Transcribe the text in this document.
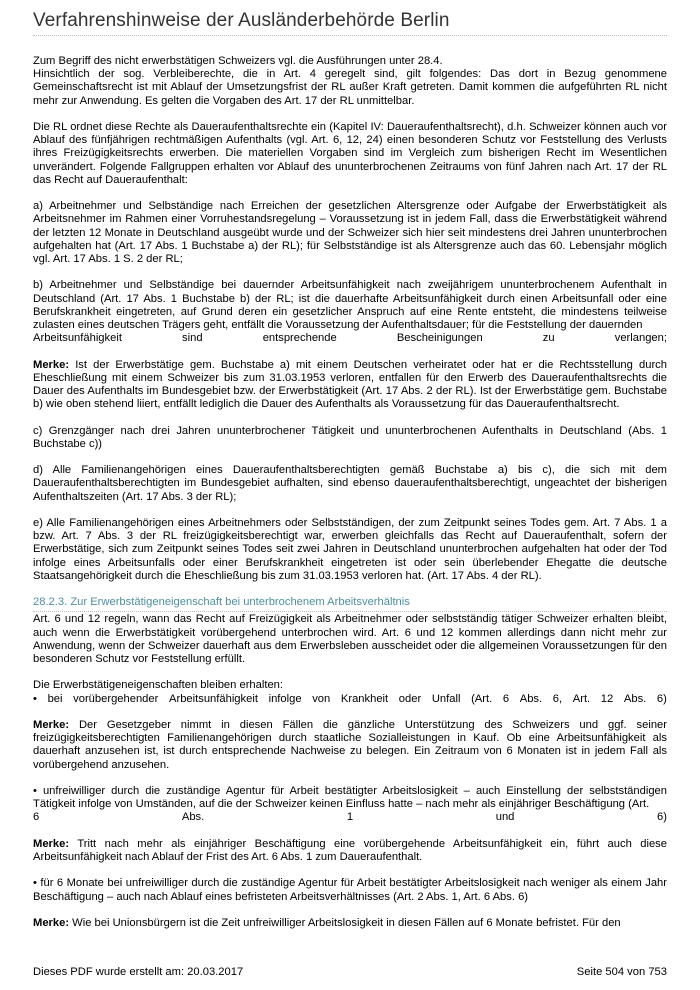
Verfahrenshinweise der Ausländerbehörde Berlin

Zum Begriff des nicht erwerbstätigen Schweizers vgl. die Ausführungen unter 28.4.
Hinsichtlich der sog. Verbleiberechte, die in Art. 4 geregelt sind, gilt folgendes: Das dort in Bezug genommene Gemeinschaftsrecht ist mit Ablauf der Umsetzungsfrist der RL außer Kraft getreten. Damit kommen die aufgeführten RL nicht mehr zur Anwendung. Es gelten die Vorgaben des Art. 17 der RL unmittelbar.

Die RL ordnet diese Rechte als Daueraufenthaltsrechte ein (Kapitel IV: Daueraufenthaltsrecht), d.h. Schweizer können auch vor Ablauf des fünfjährigen rechtmäßigen Aufenthalts (vgl. Art. 6, 12, 24) einen besonderen Schutz vor Feststellung des Verlusts ihres Freizügigkeitsrechts erwerben. Die materiellen Vorgaben sind im Vergleich zum bisherigen Recht im Wesentlichen unverändert. Folgende Fallgruppen erhalten vor Ablauf des ununterbrochenen Zeitraums von fünf Jahren nach Art. 17 der RL das Recht auf Daueraufenthalt:

a) Arbeitnehmer und Selbständige nach Erreichen der gesetzlichen Altersgrenze oder Aufgabe der Erwerbstätigkeit als Arbeitsnehmer im Rahmen einer Vorruhestandsregelung – Voraussetzung ist in jedem Fall, dass die Erwerbstätigkeit während der letzten 12 Monate in Deutschland ausgeübt wurde und der Schweizer sich hier seit mindestens drei Jahren ununterbrochen aufgehalten hat (Art. 17 Abs. 1 Buchstabe a) der RL); für Selbstständige ist als Altersgrenze auch das 60. Lebensjahr möglich vgl. Art. 17 Abs. 1 S. 2 der RL;

b) Arbeitnehmer und Selbständige bei dauernder Arbeitsunfähigkeit nach zweijährigem ununterbrochenem Aufenthalt in Deutschland (Art. 17 Abs. 1 Buchstabe b) der RL; ist die dauerhafte Arbeitsunfähigkeit durch einen Arbeitsunfall oder eine Berufskrankheit eingetreten, auf Grund deren ein gesetzlicher Anspruch auf eine Rente entsteht, die mindestens teilweise zulasten eines deutschen Trägers geht, entfällt die Voraussetzung der Aufenthaltsdauer; für die Feststellung der dauernden

Arbeitsunfähigkeit	sind	entsprechende	Bescheinigungen	zu	verlangen;

Merke: Ist der Erwerbstätige gem. Buchstabe a) mit einem Deutschen verheiratet oder hat er die Rechtsstellung durch Eheschließung mit einem Schweizer bis zum 31.03.1953 verloren, entfallen für den Erwerb des Daueraufenthaltsrechts die Dauer des Aufenthalts im Bundesgebiet bzw. der Erwerbstätigkeit (Art. 17 Abs. 2 der RL). Ist der Erwerbstätige gem. Buchstabe b) wie oben stehend liiert, entfällt lediglich die Dauer des Aufenthalts als Voraussetzung für das Daueraufenthaltsrecht.

c) Grenzgänger nach drei Jahren ununterbrochener Tätigkeit und ununterbrochenen Aufenthalts in Deutschland (Abs. 1 Buchstabe c))

d) Alle Familienangehörigen eines Daueraufenthaltsberechtigten gemäß Buchstabe a) bis c), die sich mit dem Daueraufenthaltsberechtigten im Bundesgebiet aufhalten, sind ebenso daueraufenthaltsberechtigt, ungeachtet der bisherigen Aufenthaltszeiten (Art. 17 Abs. 3 der RL);

e) Alle Familienangehörigen eines Arbeitnehmers oder Selbstständigen, der zum Zeitpunkt seines Todes gem. Art. 7 Abs. 1 a bzw. Art. 7 Abs. 3 der RL freizügigkeitsberechtigt war, erwerben gleichfalls das Recht auf Daueraufenthalt, sofern der Erwerbstätige, sich zum Zeitpunkt seines Todes seit zwei Jahren in Deutschland ununterbrochen aufgehalten hat oder der Tod infolge eines Arbeitsunfalls oder einer Berufskrankheit eingetreten ist oder sein überlebender Ehegatte die deutsche Staatsangehörigkeit durch die Eheschließung bis zum 31.03.1953 verloren hat. (Art. 17 Abs. 4 der RL).

28.2.3. Zur Erwerbstätigeneigenschaft bei unterbrochenem Arbeitsverhältnis

Art. 6 und 12 regeln, wann das Recht auf Freizügigkeit als Arbeitnehmer oder selbstständig tätiger Schweizer erhalten bleibt, auch wenn die Erwerbstätigkeit vorübergehend unterbrochen wird. Art. 6 und 12 kommen allerdings dann nicht mehr zur Anwendung, wenn der Schweizer dauerhaft aus dem Erwerbsleben ausscheidet oder die allgemeinen Voraussetzungen für den besonderen Schutz vor Feststellung erfüllt.

Die Erwerbstätigeneigenschaften bleiben erhalten:

• bei vorübergehender Arbeitsunfähigkeit infolge von Krankheit oder Unfall (Art. 6 Abs. 6, Art. 12 Abs. 6)

Merke: Der Gesetzgeber nimmt in diesen Fällen die gänzliche Unterstützung des Schweizers und ggf. seiner freizügigkeitsberechtigten Familienangehörigen durch staatliche Sozialleistungen in Kauf. Ob eine Arbeitsunfähigkeit als dauerhaft anzusehen ist, ist durch entsprechende Nachweise zu belegen. Ein Zeitraum von 6 Monaten ist in jedem Fall als vorübergehend anzusehen.

• unfreiwilliger durch die zuständige Agentur für Arbeit bestätigter Arbeitslosigkeit – auch Einstellung der selbstständigen Tätigkeit infolge von Umständen, auf die der Schweizer keinen Einfluss hatte – nach mehr als einjähriger Beschäftigung (Art.

6	Abs.	1	und	6)

Merke: Tritt nach mehr als einjähriger Beschäftigung eine vorübergehende Arbeitsunfähigkeit ein, führt auch diese Arbeitsunfähigkeit nach Ablauf der Frist des Art. 6 Abs. 1 zum Daueraufenthalt.

• für 6 Monate bei unfreiwilliger durch die zuständige Agentur für Arbeit bestätigter Arbeitslosigkeit nach weniger als einem Jahr Beschäftigung – auch nach Ablauf eines befristeten Arbeitsverhältnisses (Art. 2 Abs. 1, Art. 6 Abs. 6)

Merke: Wie bei Unionsbürgern ist die Zeit unfreiwilliger Arbeitslosigkeit in diesen Fällen auf 6 Monate befristet. Für den

Dieses PDF wurde erstellt am: 20.03.2017	Seite 504 von 753
